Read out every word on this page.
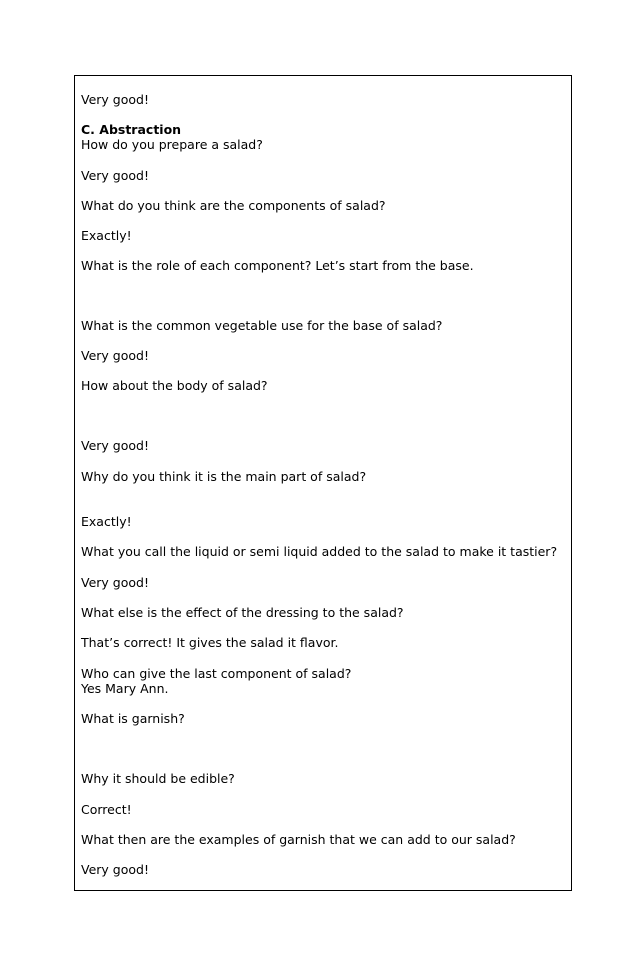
Very good!
C. Abstraction
How do you prepare a salad?
Very good!
What do you think are the components of salad?
Exactly!
What is the role of each component? Let’s start from the base.
What is the common vegetable use for the base of salad?
Very good!
How about the body of salad?
Very good!
Why do you think it is the main part of salad?
Exactly!
What you call the liquid or semi liquid added to the salad to make it tastier?
Very good!
What else is the effect of the dressing to the salad?
That’s correct! It gives the salad it flavor.
Who can give the last component of salad?
Yes Mary Ann.
What is garnish?
Why it should be edible?
Correct!
What then are the examples of garnish that we can add to our salad?
Very good!
